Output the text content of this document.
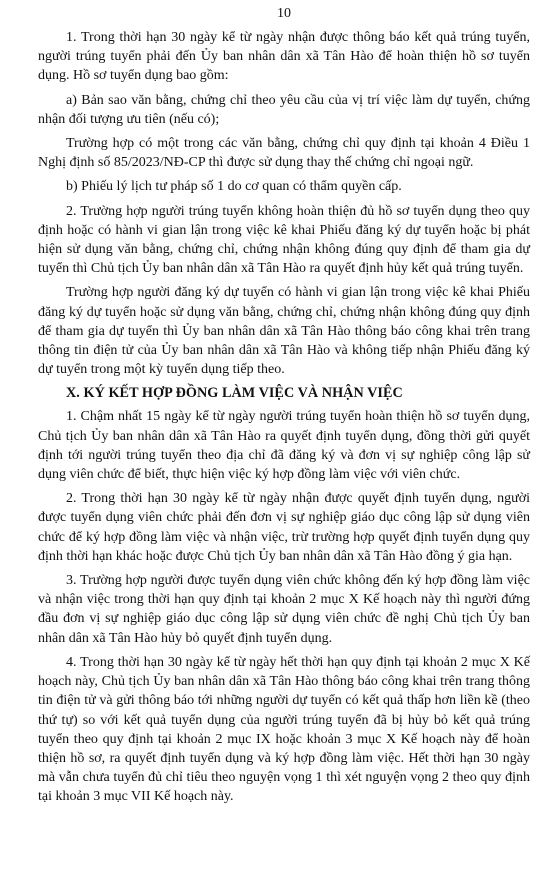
10

1. Trong thời hạn 30 ngày kể từ ngày nhận được thông báo kết quả trúng tuyển, người trúng tuyển phải đến Ủy ban nhân dân xã Tân Hào để hoàn thiện hồ sơ tuyển dụng. Hồ sơ tuyển dụng bao gồm:

a) Bản sao văn bằng, chứng chỉ theo yêu cầu của vị trí việc làm dự tuyển, chứng nhận đối tượng ưu tiên (nếu có);

Trường hợp có một trong các văn bằng, chứng chỉ quy định tại khoản 4 Điều 1 Nghị định số 85/2023/NĐ-CP thì được sử dụng thay thế chứng chỉ ngoại ngữ.

b) Phiếu lý lịch tư pháp số 1 do cơ quan có thẩm quyền cấp.

2. Trường hợp người trúng tuyển không hoàn thiện đủ hồ sơ tuyển dụng theo quy định hoặc có hành vi gian lận trong việc kê khai Phiếu đăng ký dự tuyển hoặc bị phát hiện sử dụng văn bằng, chứng chỉ, chứng nhận không đúng quy định để tham gia dự tuyển thì Chủ tịch Ủy ban nhân dân xã Tân Hào ra quyết định hủy kết quả trúng tuyển.

Trường hợp người đăng ký dự tuyển có hành vi gian lận trong việc kê khai Phiếu đăng ký dự tuyển hoặc sử dụng văn bằng, chứng chỉ, chứng nhận không đúng quy định để tham gia dự tuyển thì Ủy ban nhân dân xã Tân Hào thông báo công khai trên trang thông tin điện tử của Ủy ban nhân dân xã Tân Hào và không tiếp nhận Phiếu đăng ký dự tuyển trong một kỳ tuyển dụng tiếp theo.

X. KÝ KẾT HỢP ĐỒNG LÀM VIỆC VÀ NHẬN VIỆC

1. Chậm nhất 15 ngày kể từ ngày người trúng tuyển hoàn thiện hồ sơ tuyển dụng, Chủ tịch Ủy ban nhân dân xã Tân Hào ra quyết định tuyển dụng, đồng thời gửi quyết định tới người trúng tuyển theo địa chỉ đã đăng ký và đơn vị sự nghiệp công lập sử dụng viên chức để biết, thực hiện việc ký hợp đồng làm việc với viên chức.

2. Trong thời hạn 30 ngày kể từ ngày nhận được quyết định tuyển dụng, người được tuyển dụng viên chức phải đến đơn vị sự nghiệp giáo dục công lập sử dụng viên chức để ký hợp đồng làm việc và nhận việc, trừ trường hợp quyết định tuyển dụng quy định thời hạn khác hoặc được Chủ tịch Ủy ban nhân dân xã Tân Hào đồng ý gia hạn.

3. Trường hợp người được tuyển dụng viên chức không đến ký hợp đồng làm việc và nhận việc trong thời hạn quy định tại khoản 2 mục X Kế hoạch này thì người đứng đầu đơn vị sự nghiệp giáo dục công lập sử dụng viên chức đề nghị Chủ tịch Ủy ban nhân dân xã Tân Hào hủy bỏ quyết định tuyển dụng.

4. Trong thời hạn 30 ngày kể từ ngày hết thời hạn quy định tại khoản 2 mục X Kế hoạch này, Chủ tịch Ủy ban nhân dân xã Tân Hào thông báo công khai trên trang thông tin điện tử và gửi thông báo tới những người dự tuyển có kết quả thấp hơn liền kề (theo thứ tự) so với kết quả tuyển dụng của người trúng tuyển đã bị hủy bỏ kết quả trúng tuyển theo quy định tại khoản 2 mục IX hoặc khoản 3 mục X Kế hoạch này để hoàn thiện hồ sơ, ra quyết định tuyển dụng và ký hợp đồng làm việc. Hết thời hạn 30 ngày mà vẫn chưa tuyển đủ chỉ tiêu theo nguyện vọng 1 thì xét nguyện vọng 2 theo quy định tại khoản 3 mục VII Kế hoạch này.
